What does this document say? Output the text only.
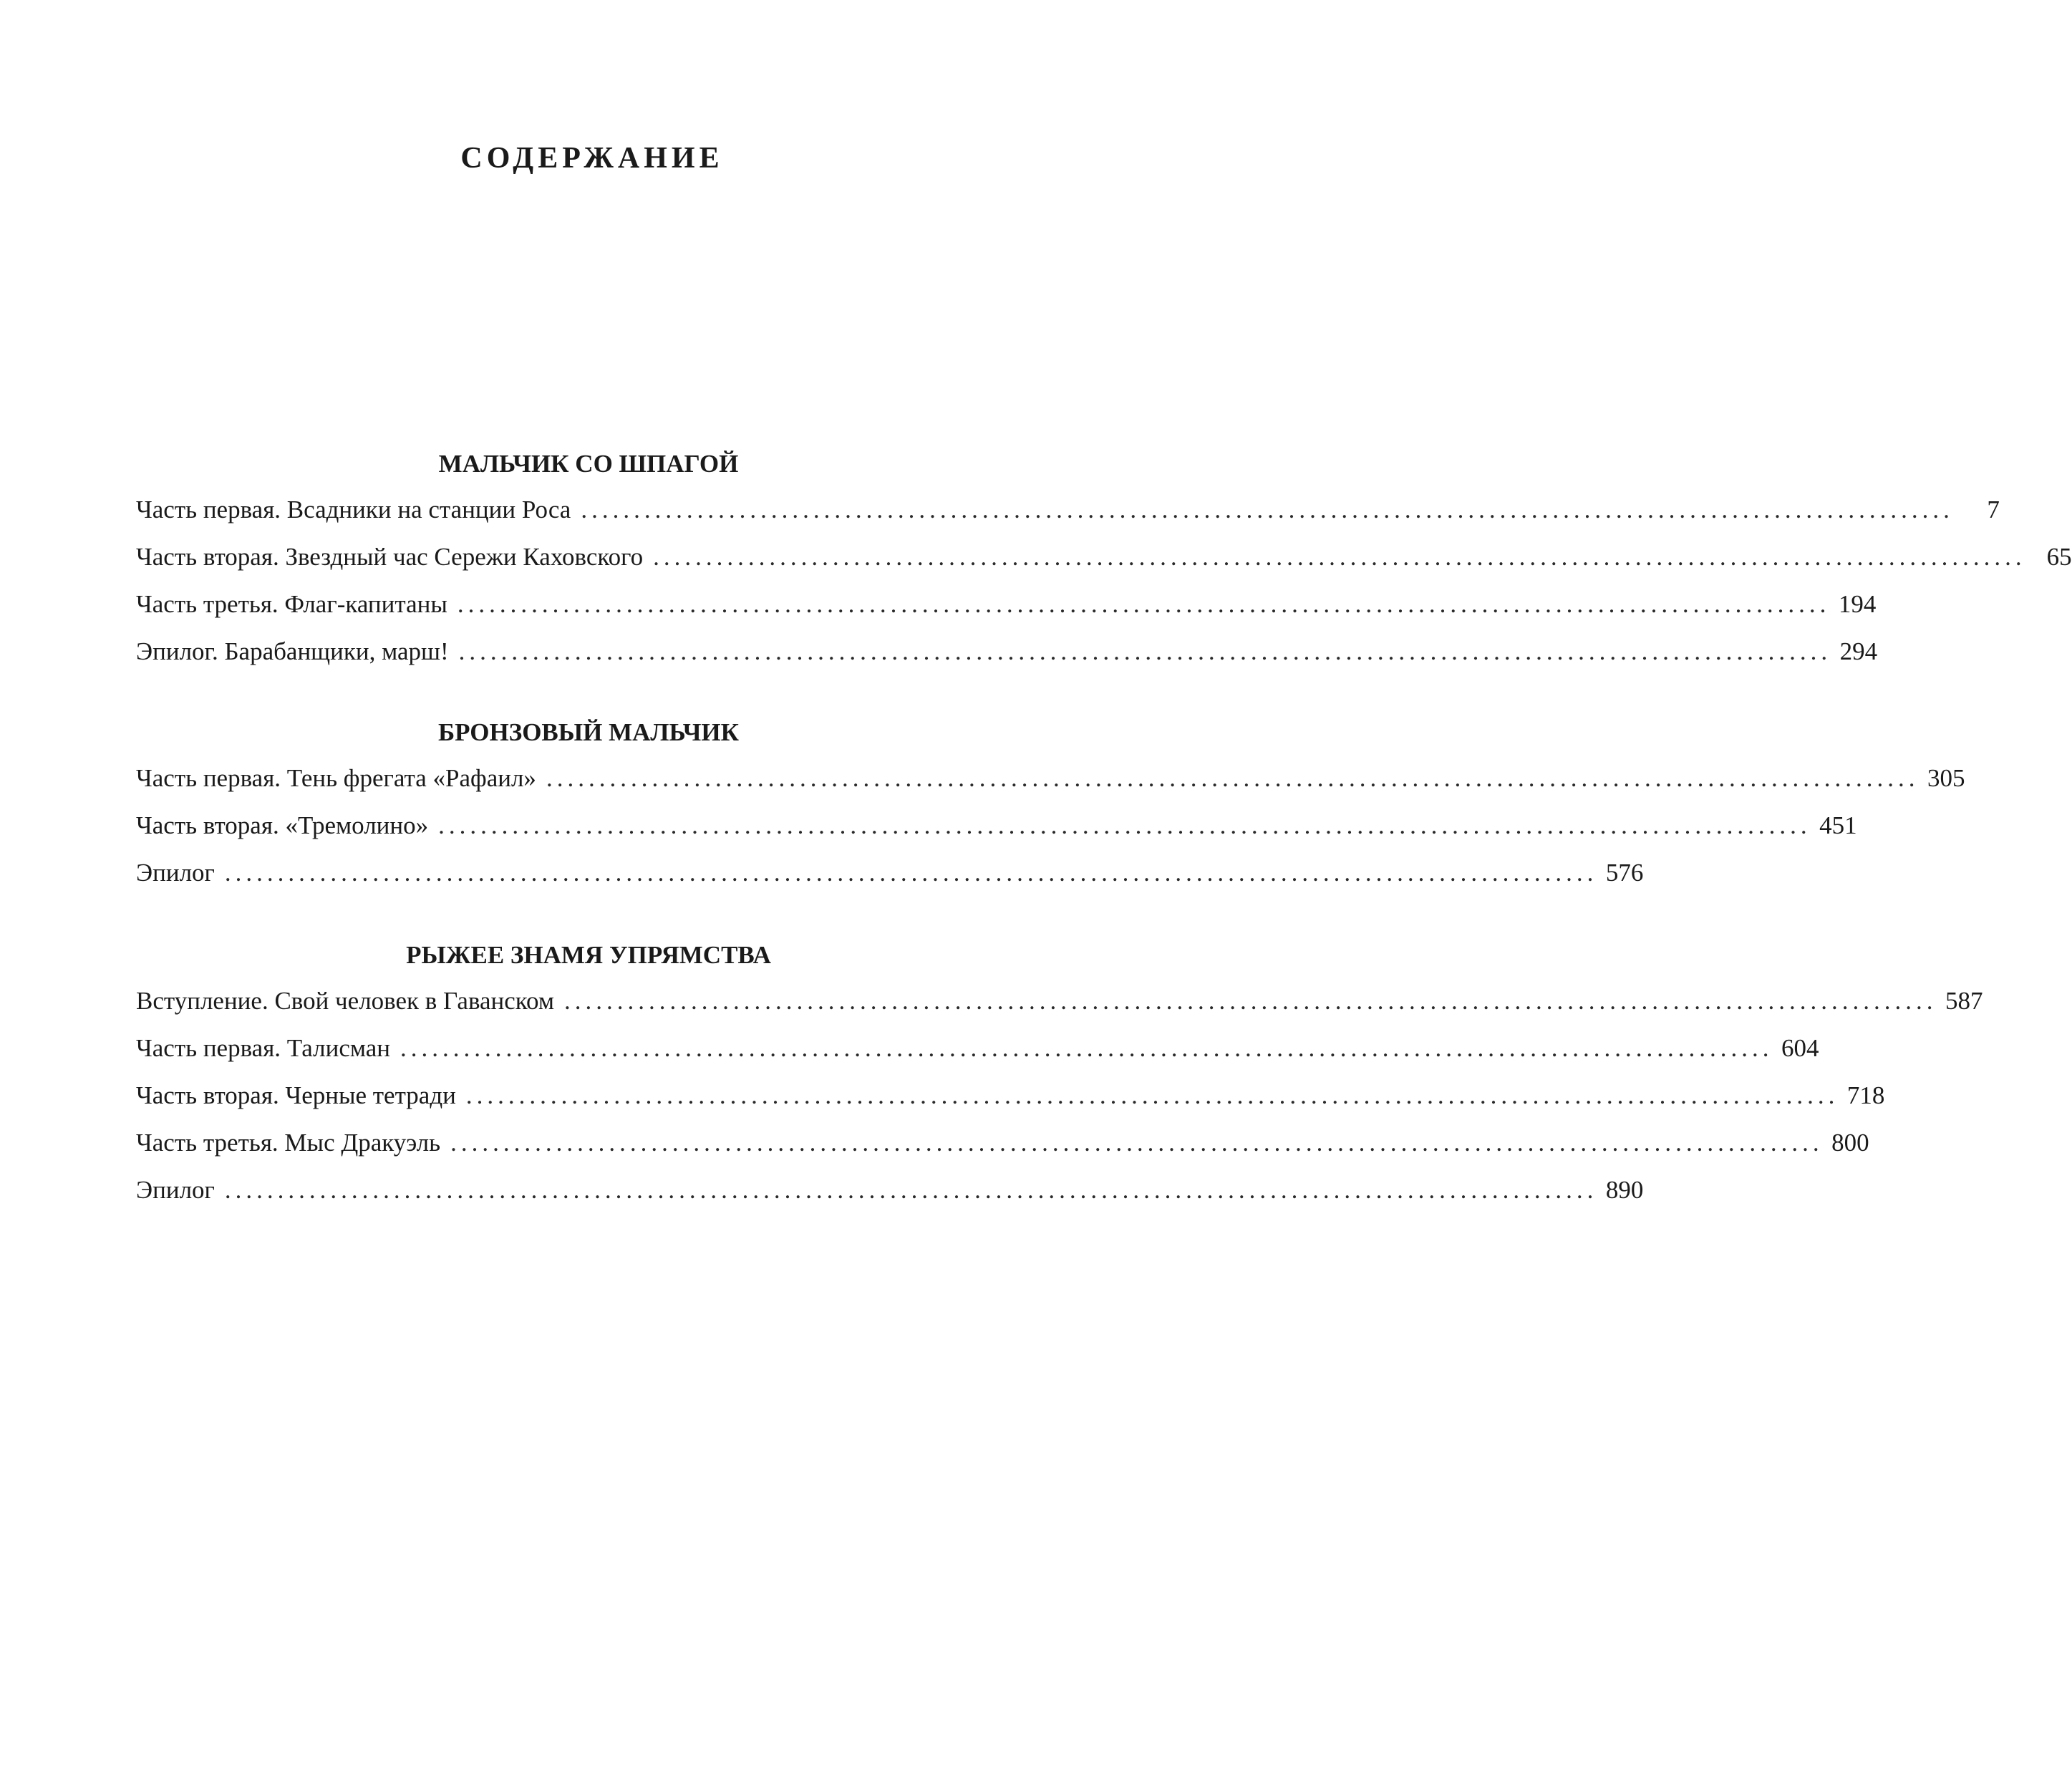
СОДЕРЖАНИЕ
МАЛЬЧИК СО ШПАГОЙ
Часть первая. Всадники на станции Роса ..................................................................................................................................	7
Часть вторая. Звездный час Сережи Каховского .................................................................................................................................. 65
Часть третья. Флаг-капитаны .................................................................................................................................. 194
Эпилог. Барабанщики, марш! .................................................................................................................................. 294
БРОНЗОВЫЙ МАЛЬЧИК
Часть первая. Тень фрегата «Рафаил» .................................................................................................................................. 305
Часть вторая. «Тремолино» .................................................................................................................................. 451
Эпилог .................................................................................................................................. 576
РЫЖЕЕ ЗНАМЯ УПРЯМСТВА
Вступление. Свой человек в Гаванском .................................................................................................................................. 587
Часть первая. Талисман .................................................................................................................................. 604
Часть вторая. Черные тетради .................................................................................................................................. 718
Часть третья. Мыс Дракуэль .................................................................................................................................. 800
Эпилог .................................................................................................................................. 890
